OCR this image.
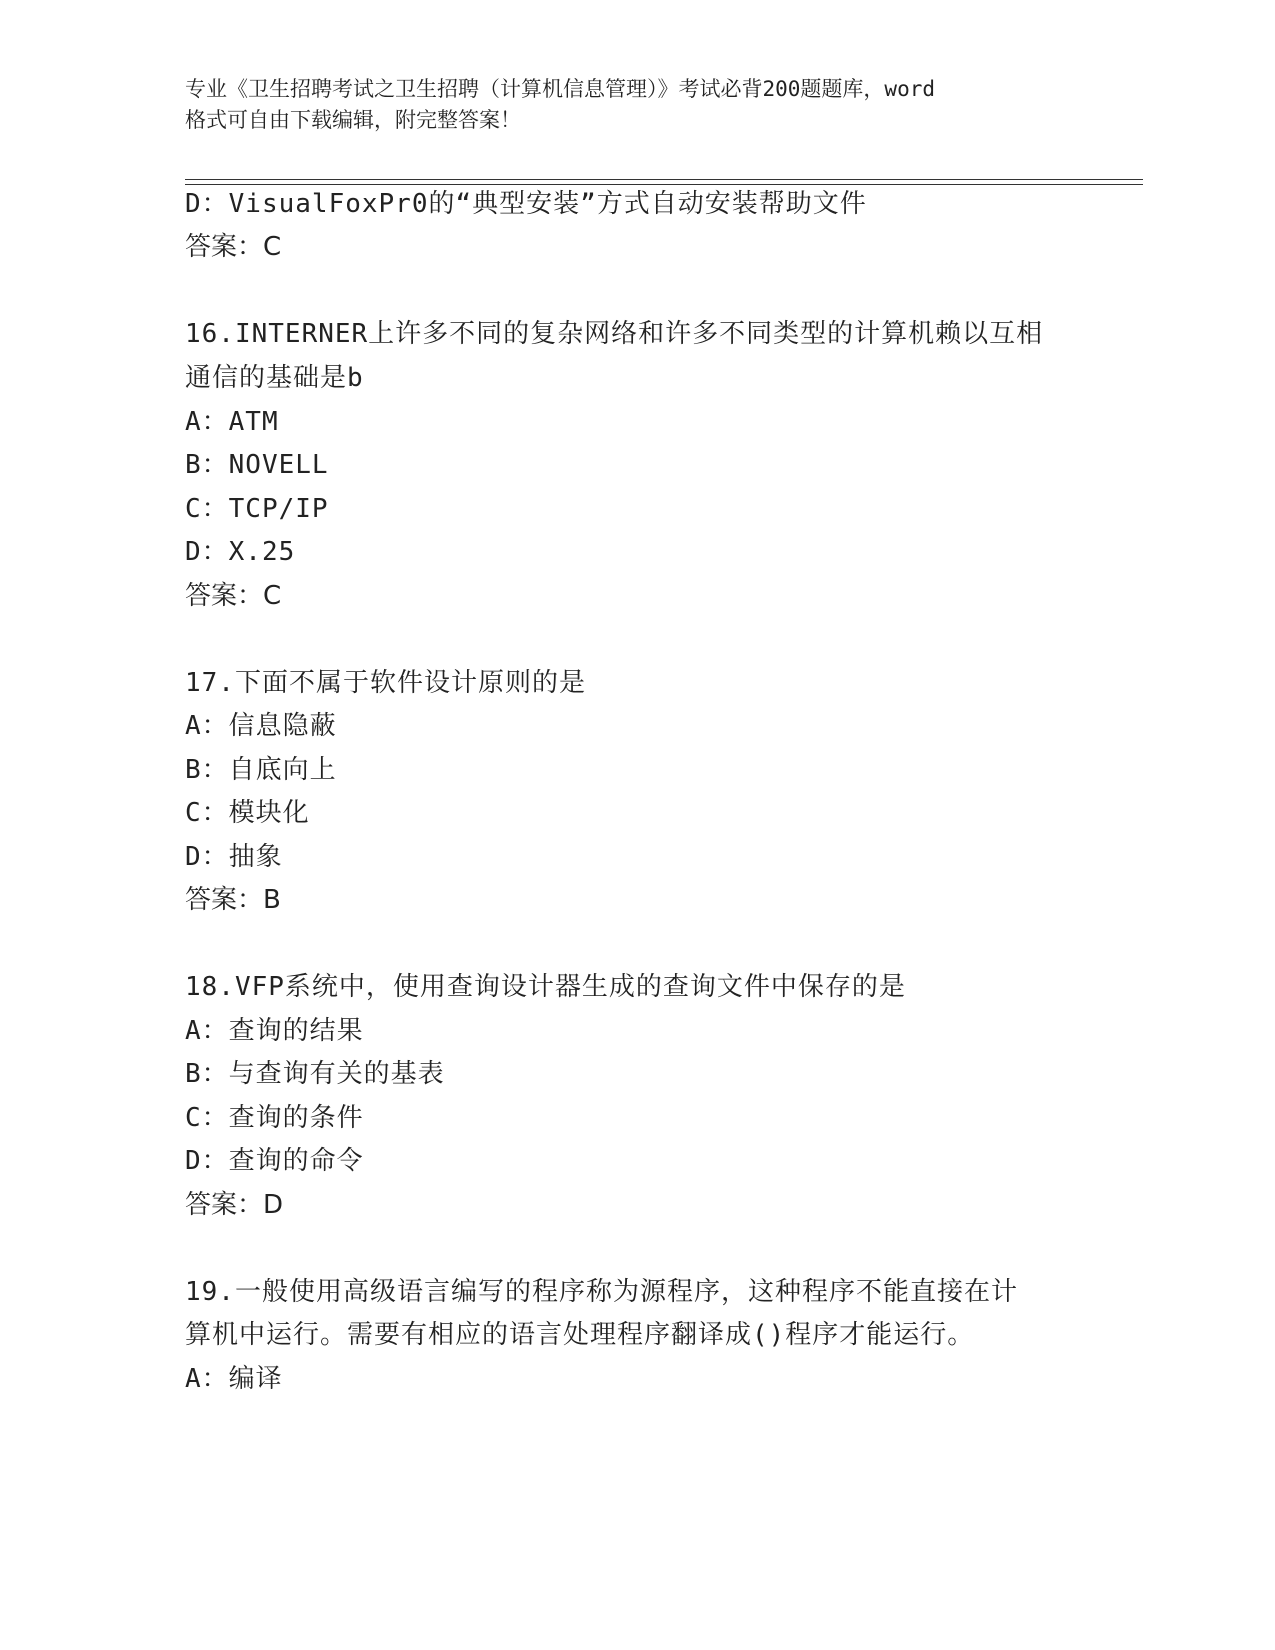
专业《卫生招聘考试之卫生招聘（计算机信息管理）》考试必背200题题库，word
格式可自由下载编辑，附完整答案！
D：VisualFoxPr0的“典型安装”方式自动安装帮助文件
答案：C
16.INTERNER上许多不同的复杂网络和许多不同类型的计算机赖以互相
通信的基础是b
A：ATM
B：NOVELL
C：TCP/IP
D：X.25
答案：C
17.下面不属于软件设计原则的是
A：信息隐蔽
B：自底向上
C：模块化
D：抽象
答案：B
18.VFP系统中，使用查询设计器生成的查询文件中保存的是
A：查询的结果
B：与查询有关的基表
C：查询的条件
D：查询的命令
答案：D
19.一般使用高级语言编写的程序称为源程序，这种程序不能直接在计
算机中运行。需要有相应的语言处理程序翻译成()程序才能运行。
A：编译
